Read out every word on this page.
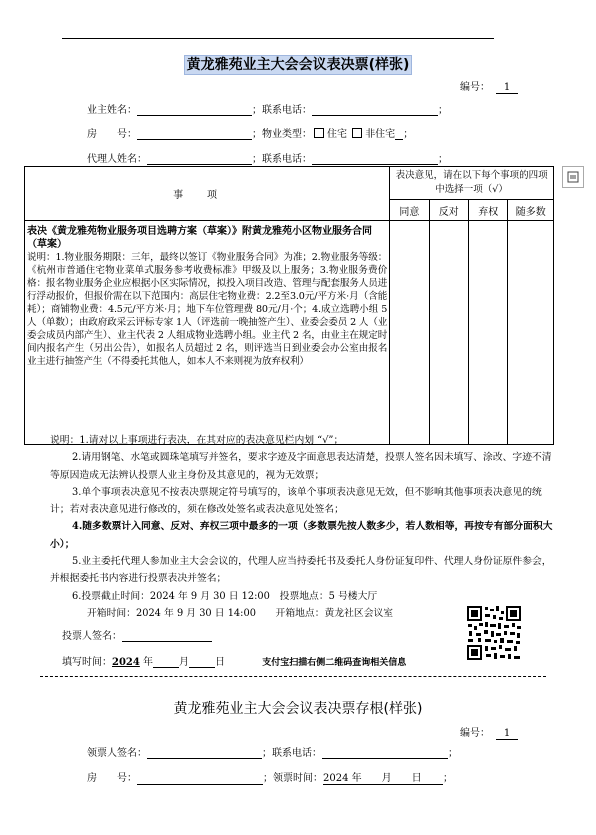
黄龙雅苑业主大会会议表决票(样张)
编号： 1
业主姓名：	；联系电话：	；
房　　号：	；物业类型： 住宅 非住宅 ；
代理人姓名：	；联系电话：	；
事项	表决意见，请在以下每个事项的四项中选择一项（√）			
	同意	反对	弃权	随多数

表决《黄龙雅苑物业服务项目选聘方案（草案）》附黄龙雅苑小区物业服务合同（草案）
说明：1.物业服务期限：三年，最终以签订《物业服务合同》为准；2.物业服务等级：《杭州市普通住宅物业菜单式服务参考收费标准》甲级及以上服务；3.物业服务费价格：报名物业服务企业应根据小区实际情况，拟投入项目改造、管理与配套服务人员进行浮动报价，但报价需在以下范围内：高层住宅物业费：2.2至3.0元/平方米·月（含能耗）；商铺物业费：4.5元/平方米·月；地下车位管理费 80元/月·个；4.成立选聘小组 5 人（单数）；由政府政采云评标专家 1人（评选前一晚抽签产生）、业委会委员 2 人（业委会成员内部产生）、业主代表 2 人组成物业选聘小组。业主代 2 名，由业主在规定时间内报名产生（另出公告），如报名人员超过 2 名，则评选当日到业委会办公室由报名业主进行抽签产生（不得委托其他人，如本人不来则视为放弃权利）				

说明：1.请对以上事项进行表决，在其对应的表决意见栏内划 “√”；

2.请用钢笔、水笔或圆珠笔填写并签名，要求字迹及字面意思表达清楚，投票人签名因未填写、涂改、字迹不清等原因造成无法辨认投票人业主身份及其意见的，视为无效票；

3.单个事项表决意见不按表决票规定符号填写的，该单个事项表决意见无效，但不影响其他事项表决意见的统计；若对表决意见进行修改的，须在修改处签名或表决意见处签名；

4.随多数票计入同意、反对、弃权三项中最多的一项（多数票先按人数多少，若人数相等，再按专有部分面积大小）；

5.业主委托代理人参加业主大会会议的，代理人应当持委托书及委托人身份证复印件、代理人身份证原件参会，并根据委托书内容进行投票表决并签名；

6.投票截止时间：2024 年 9 月 30 日 12:00　投票地点：5 号楼大厅

开箱时间：2024 年 9 月 30 日 14:00　　开箱地点：黄龙社区会议室

投票人签名：
填写时间：2024 年	月	日	支付宝扫描右侧二维码查询相关信息
黄龙雅苑业主大会会议表决票存根(样张)
编号： 1
领票人签名：	；联系电话：	；
房　　号：	；领票时间：2024 年　　月　　日 ；
